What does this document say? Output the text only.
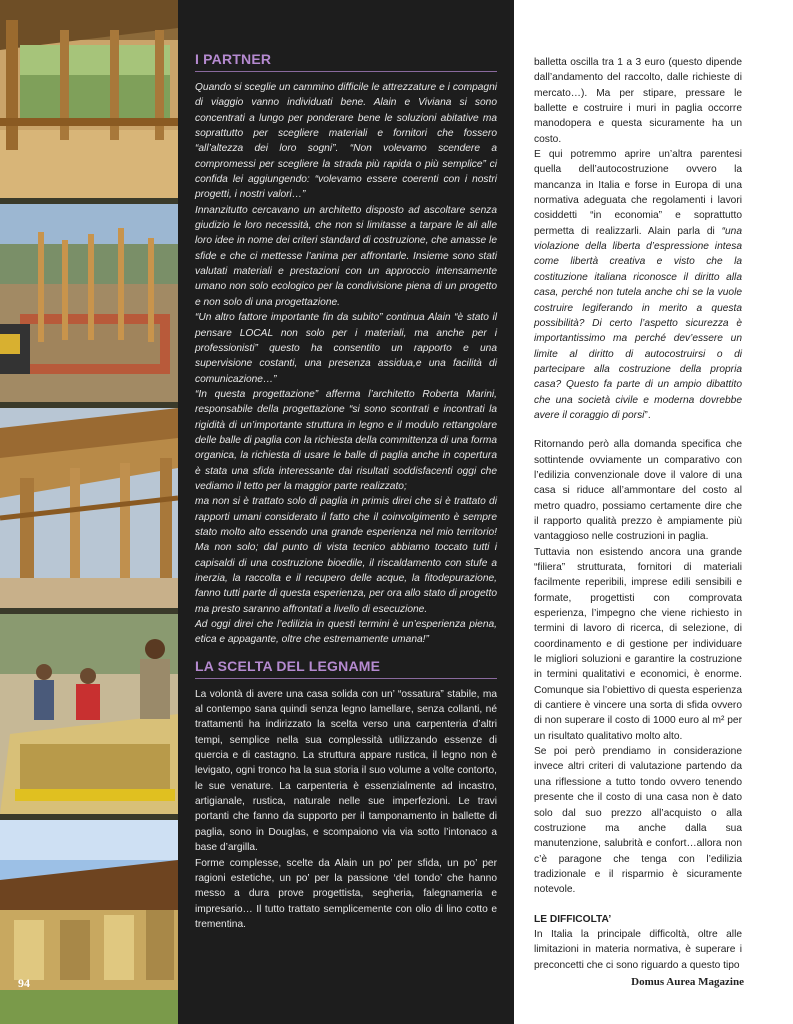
I PARTNER

Quando si sceglie un cammino difficile le attrezzature e i compagni di viaggio vanno individuati bene. Alain e Viviana si sono concentrati a lungo per ponderare bene le soluzioni abitative ma soprattutto per scegliere materiali e fornitori che fossero “all’altezza dei loro sogni”. “Non volevamo scendere a compromessi per scegliere la strada più rapida o più semplice” ci confida lei aggiungendo: “volevamo essere coerenti con i nostri progetti, i nostri valori…”

Innanzitutto cercavano un architetto disposto ad ascoltare senza giudizio le loro necessità, che non si limitasse a tarpare le ali alle loro idee in nome dei criteri standard di costruzione, che amasse le sfide e che ci mettesse l’anima per affrontarle. Insieme sono stati valutati materiali e prestazioni con un approccio intensamente umano non solo ecologico per la condivisione piena di un progetto e non solo di una progettazione.

“Un altro fattore importante fin da subito” continua Alain “è stato il pensare LOCAL non solo per i materiali, ma anche per i professionisti” questo ha consentito un rapporto e una supervisione costanti, una presenza assidua,e una facilità di comunicazione…”

“In questa progettazione” afferma l’architetto Roberta Marini, responsabile della progettazione “si sono scontrati e incontrati la rigidità di un’importante struttura in legno e il modulo rettangolare delle balle di paglia con la richiesta della committenza di una forma organica, la richiesta di usare le balle di paglia anche in copertura è stata una sfida interessante dai risultati soddisfacenti oggi che vediamo il tetto per la maggior parte realizzato;

ma non si è trattato solo di paglia in primis direi che si è trattato di rapporti umani considerato il fatto che il coinvolgimento è sempre stato molto alto essendo una grande esperienza nel mio territorio! Ma non solo; dal punto di vista tecnico abbiamo toccato tutti i capisaldi di una costruzione bioedile, il riscaldamento con stufe a inerzia, la raccolta e il recupero delle acque, la fitodepurazione, fanno tutti parte di questa esperienza, per ora allo stato di progetto ma presto saranno affrontati a livello di esecuzione.

Ad oggi direi che l’edilizia in questi termini è un’esperienza piena, etica e appagante, oltre che estremamente umana!”

LA SCELTA DEL LEGNAME

La volontà di avere una casa solida con un’ “ossatura” stabile, ma al contempo sana quindi senza legno lamellare, senza collanti, né trattamenti ha indirizzato la scelta verso una carpenteria d’altri tempi, semplice nella sua complessità utilizzando essenze di quercia e di castagno. La struttura appare rustica, il legno non è levigato, ogni tronco ha la sua storia il suo volume a volte contorto, le sue venature. La carpenteria è essenzialmente ad incastro, artigianale, rustica, naturale nelle sue imperfezioni. Le travi portanti che fanno da supporto per il tamponamento in ballette di paglia, sono in Douglas, e scompaiono via via sotto l’intonaco a base d’argilla.

Forme complesse, scelte da Alain un po’ per sfida, un po’ per ragioni estetiche, un po’ per la passione ‘del tondo’ che hanno messo a dura prove progettista, segheria, falegnameria e impresario… Il tutto trattato semplicemente con olio di lino cotto e trementina.

balletta oscilla tra 1 a 3 euro (questo dipende dall’andamento del raccolto, dalle richieste di mercato…). Ma per stipare, pressare le ballette e costruire i muri in paglia occorre manodopera e questa sicuramente ha un costo.

E qui potremmo aprire un’altra parentesi quella dell’autocostruzione ovvero la mancanza in Italia e forse in Europa di una normativa adeguata che regolamenti i lavori cosiddetti “in economia” e soprattutto permetta di realizzarli. Alain parla di “una violazione della liberta d’espressione intesa come libertà creativa e visto che la costituzione italiana riconosce il diritto alla casa, perché non tutela anche chi se la vuole costruire legiferando in merito a questa possibilità? Di certo l’aspetto sicurezza è importantissimo ma perché dev’essere un limite al diritto di autocostruirsi o di partecipare alla costruzione della propria casa? Questo fa parte di un ampio dibattito che una società civile e moderna dovrebbe avere il coraggio di porsi”.

Ritornando però alla domanda specifica che sottintende ovviamente un comparativo con l’edilizia convenzionale dove il valore di una casa si riduce all’ammontare del costo al metro quadro, possiamo certamente dire che il rapporto qualità prezzo è ampiamente più vantaggioso nelle costruzioni in paglia.

Tuttavia non esistendo ancora una grande “filiera” strutturata, fornitori di materiali facilmente reperibili, imprese edili sensibili e formate, progettisti con comprovata esperienza, l’impegno che viene richiesto in termini di lavoro di ricerca, di selezione, di coordinamento e di gestione per individuare le migliori soluzioni e garantire la costruzione in termini qualitativi e economici, è enorme. Comunque sia l’obiettivo di questa esperienza di cantiere è vincere una sorta di sfida ovvero di non superare il costo di 1000 euro al m² per un risultato qualitativo molto alto.

Se poi però prendiamo in considerazione invece altri criteri di valutazione partendo da una riflessione a tutto tondo ovvero tenendo presente che il costo di una casa non è dato solo dal suo prezzo all’acquisto o alla costruzione ma anche dalla sua manutenzione, salubrità e confort…allora non c’è paragone che tenga con l’edilizia tradizionale e il risparmio è sicuramente notevole.

LE DIFFICOLTA’

In Italia la principale difficoltà, oltre alle limitazioni in materia normativa, è superare i preconcetti che ci sono riguardo a questo tipo

94	Domus Aurea Magazine
